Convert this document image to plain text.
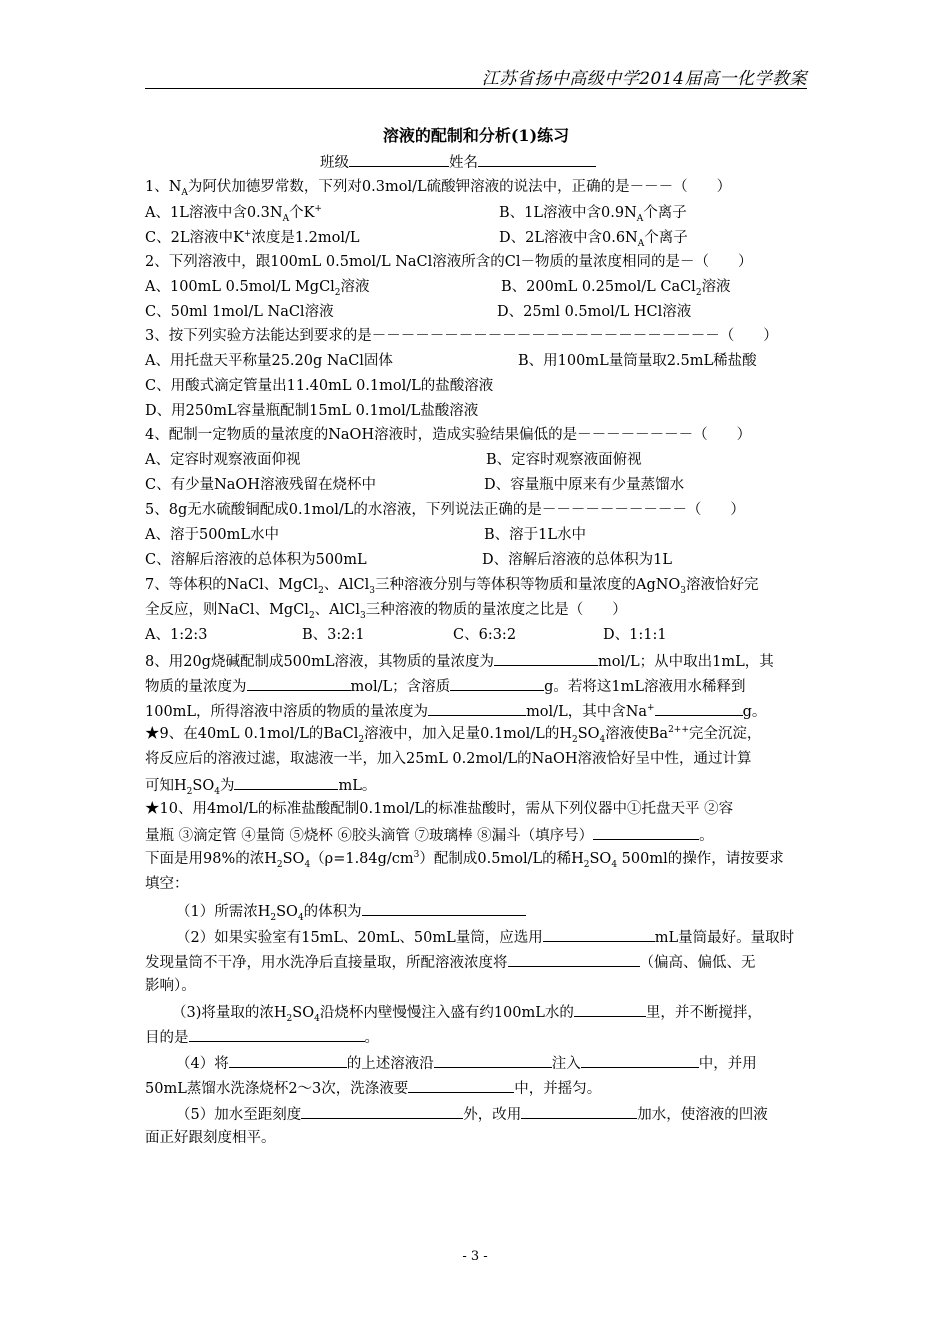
江苏省扬中高级中学2014届高一化学教案
溶液的配制和分析(1)练习
班级	姓名
1、$N_A$为阿伏加德罗常数，下列对0.3mol/L硫酸钾溶液的说法中，正确的是－－－（　　）
A、1L溶液中含$0.3N_A$个K+	B、1L溶液中含$0.9N_A$个离子
C、2L溶液中K+浓度是1.2mol/L	D、2L溶液中含$0.6N_A$个离子
2、下列溶液中，跟100mL 0.5mol/L NaCl溶液所含的Cl－物质的量浓度相同的是－（　　）
A、100mL 0.5mol/L MgCl$_2$溶液	B、200mL 0.25mol/L CaCl$_2$溶液
C、50ml 1mol/L NaCl溶液	D、25ml 0.5mol/L HCl溶液
3、按下列实验方法能达到要求的是－－－－－－－－－－－－－－－－－－－－－－－－（　　）
A、用托盘天平称量25.20g NaCl固体	B、用100mL量筒量取2.5mL稀盐酸
C、用酸式滴定管量出11.40mL 0.1mol/L的盐酸溶液
D、用250mL容量瓶配制15mL 0.1mol/L盐酸溶液
4、配制一定物质的量浓度的NaOH溶液时，造成实验结果偏低的是－－－－－－－－（　　）
A、定容时观察液面仰视	B、定容时观察液面俯视
C、有少量NaOH溶液残留在烧杯中	D、容量瓶中原来有少量蒸馏水
5、8g无水硫酸铜配成0.1mol/L的水溶液，下列说法正确的是－－－－－－－－－－（　　）
A、溶于500mL水中	B、溶于1L水中
C、溶解后溶液的总体积为500mL	D、溶解后溶液的总体积为1L
7、等体积的NaCl、MgCl$_2$、AlCl$_3$三种溶液分别与等体积等物质和量浓度的AgNO$_3$溶液恰好完
全反应，则NaCl、MgCl$_2$、AlCl$_3$三种溶液的物质的量浓度之比是（　　）
A、1:2:3	B、3:2:1	C、6:3:2	D、1:1:1
8、用20g烧碱配制成500mL溶液，其物质的量浓度为	mol/L；从中取出1mL，其
物质的量浓度为	mol/L；含溶质	g。若将这1mL溶液用水稀释到
100mL，所得溶液中溶质的物质的量浓度为	mol/L，其中含Na+	g。
★9、在40mL 0.1mol/L的BaCl$_2$溶液中，加入足量0.1mol/L的$H_2SO_4$溶液使$Ba^{2++}$完全沉淀，
将反应后的溶液过滤，取滤液一半，加入25mL 0.2mol/L的NaOH溶液恰好呈中性，通过计算
可知$H_2SO_4$为	mL。
★10、用4mol/L的标准盐酸配制0.1mol/L的标准盐酸时，需从下列仪器中①托盘天平 ②容
量瓶 ③滴定管 ④量筒 ⑤烧杯 ⑥胶头滴管 ⑦玻璃棒 ⑧漏斗（填序号）	。
下面是用98%的浓$H_2SO_4(\rho=1.84g/cm^3)$配制成0.5mol/L的稀$H_2SO_4$ 500ml的操作，请按要求
填空：
（1）所需浓$H_2SO_4$的体积为
（2）如果实验室有15mL、20mL、50mL量筒，应选用	mL量筒最好。量取时
发现量筒不干净，用水洗净后直接量取，所配溶液浓度将	（偏高、偏低、无
影响）。
（3)将量取的浓$H_2SO_4$沿烧杯内壁慢慢注入盛有约100mL水的	里，并不断搅拌，
目的是	。
（4）将	的上述溶液沿	注入	中，并用
50mL蒸馏水洗涤烧杯2～3次，洗涤液要	中，并摇匀。
（5）加水至距刻度	外，改用	加水，使溶液的凹液
面正好跟刻度相平。
- 3 -
